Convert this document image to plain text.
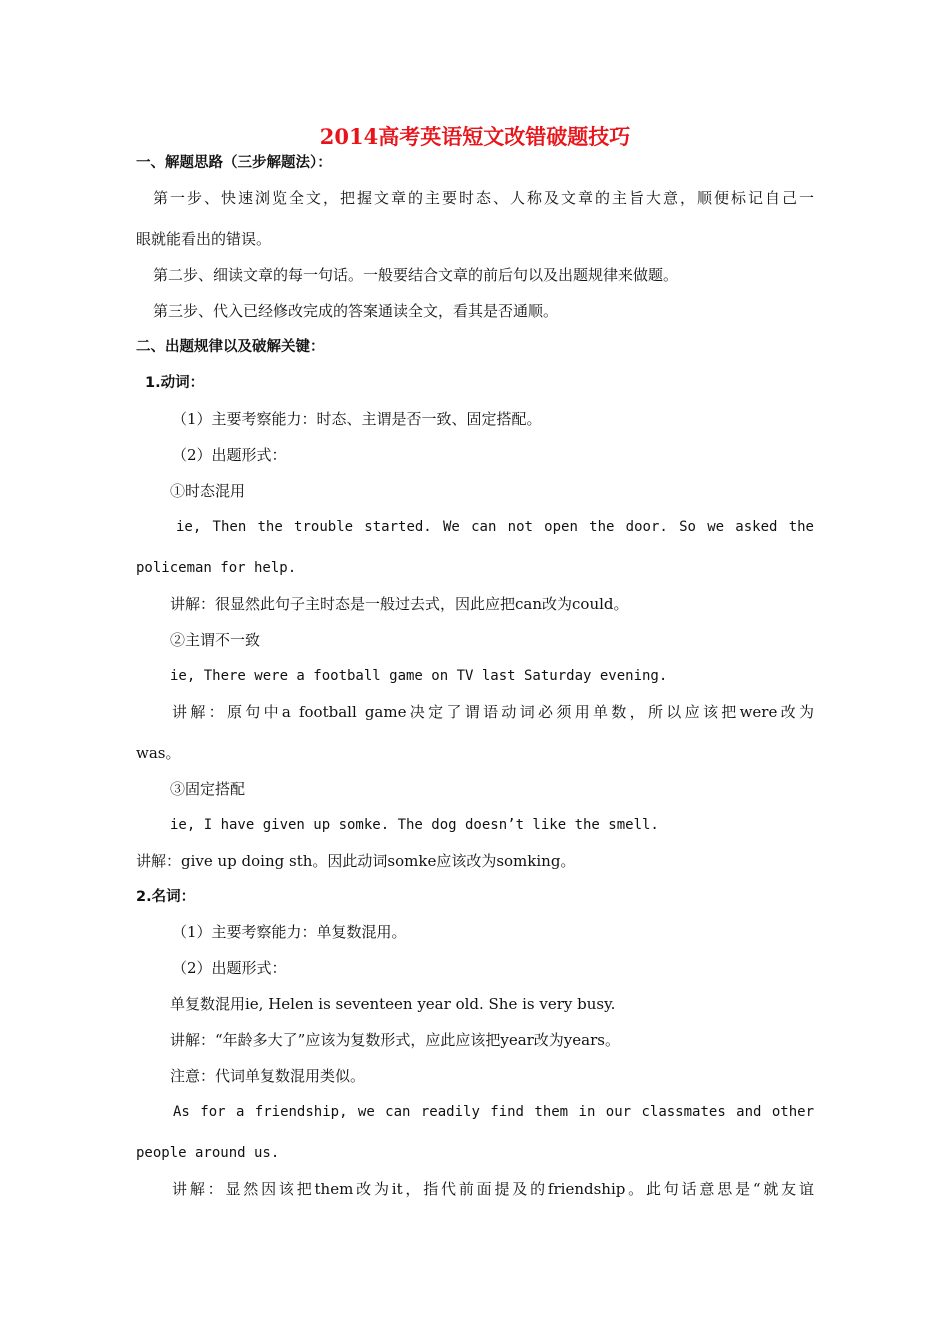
2014高考英语短文改错破题技巧
一、解题思路（三步解题法）：
第一步、快速浏览全文，把握文章的主要时态、人称及文章的主旨大意，顺便标记自己一
眼就能看出的错误。
第二步、细读文章的每一句话。一般要结合文章的前后句以及出题规律来做题。
第三步、代入已经修改完成的答案通读全文，看其是否通顺。
二、出题规律以及破解关键：
1.动词：
（1）主要考察能力：时态、主谓是否一致、固定搭配。
（2）出题形式：
①时态混用
ie, Then the trouble started. We can not open the door. So we asked the
policeman for help.
讲解：很显然此句子主时态是一般过去式，因此应把can改为could。
②主谓不一致
ie, There were a football game on TV last Saturday evening.
讲解：原句中a football game决定了谓语动词必须用单数，所以应该把were改为
was。
③固定搭配
ie, I have given up somke. The dog doesn’t like the smell.
讲解：give up doing sth。因此动词somke应该改为somking。
2.名词：
（1）主要考察能力：单复数混用。
（2）出题形式：
单复数混用ie, Helen is seventeen year old. She is very busy.
讲解：“年龄多大了”应该为复数形式，应此应该把year改为years。
注意：代词单复数混用类似。
As for a friendship, we can readily find them in our classmates and other
people around us.
讲解：显然因该把them改为it，指代前面提及的friendship。此句话意思是“就友谊
